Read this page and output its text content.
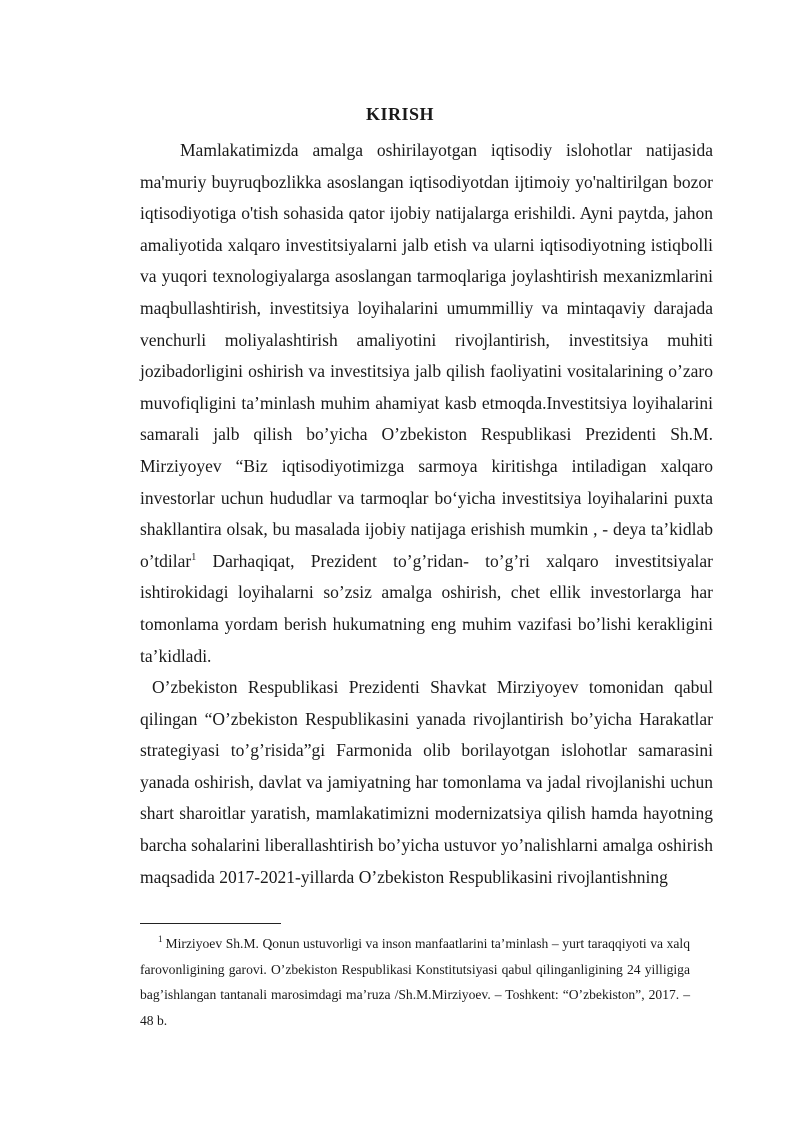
KIRISH

Mamlakatimizda amalga oshirilayotgan iqtisodiy islohotlar natijasida ma'muriy buyruqbozlikka asoslangan iqtisodiyotdan ijtimoiy yo'naltirilgan bozor iqtisodiyotiga o'tish sohasida qator ijobiy natijalarga erishildi. Ayni paytda, jahon amaliyotida xalqaro investitsiyalarni jalb etish va ularni iqtisodiyotning istiqbolli va yuqori texnologiyalarga asoslangan tarmoqlariga joylashtirish mexanizmlarini maqbullashtirish, investitsiya loyihalarini umummilliy va mintaqaviy darajada venchurli moliyalashtirish amaliyotini rivojlantirish, investitsiya muhiti jozibadorligini oshirish va investitsiya jalb qilish faoliyatini vositalarining o’zaro muvofiqligini ta’minlash muhim ahamiyat kasb etmoqda.Investitsiya loyihalarini samarali jalb qilish bo’yicha O’zbekiston Respublikasi Prezidenti Sh.M. Mirziyoyev “Biz iqtisodiyotimizga sarmoya kiritishga intiladigan xalqaro investorlar uchun hududlar va tarmoqlar bo‘yicha investitsiya loyihalarini puxta shakllantira olsak, bu masalada ijobiy natijaga erishish mumkin , - deya ta’kidlab o’tdilar$^1$ Darhaqiqat, Prezident to’g’ridan- to’g’ri xalqaro investitsiyalar ishtirokidagi loyihalarni so’zsiz amalga oshirish, chet ellik investorlarga har tomonlama yordam berish hukumatning eng muhim vazifasi bo’lishi kerakligini ta’kidladi.

O’zbekiston Respublikasi Prezidenti Shavkat Mirziyoyev tomonidan qabul qilingan “O’zbekiston Respublikasini yanada rivojlantirish bo’yicha Harakatlar strategiyasi to’g’risida”gi Farmonida olib borilayotgan islohotlar samarasini yanada oshirish, davlat va jamiyatning har tomonlama va jadal rivojlanishi uchun shart sharoitlar yaratish, mamlakatimizni modernizatsiya qilish hamda hayotning barcha sohalarini liberallashtirish bo’yicha ustuvor yo’nalishlarni amalga oshirish maqsadida 2017-2021-yillarda O’zbekiston Respublikasini rivojlantishning

$^1$ Mirziyoev Sh.M. Qonun ustuvorligi va inson manfaatlarini ta’minlash – yurt taraqqiyoti va xalq farovonligining garovi. O’zbekiston Respublikasi Konstitutsiyasi qabul qilinganligining 24 yilligiga bag’ishlangan tantanali marosimdagi ma’ruza /Sh.M.Mirziyoev. – Toshkent: “O’zbekiston”, 2017. – 48 b.
